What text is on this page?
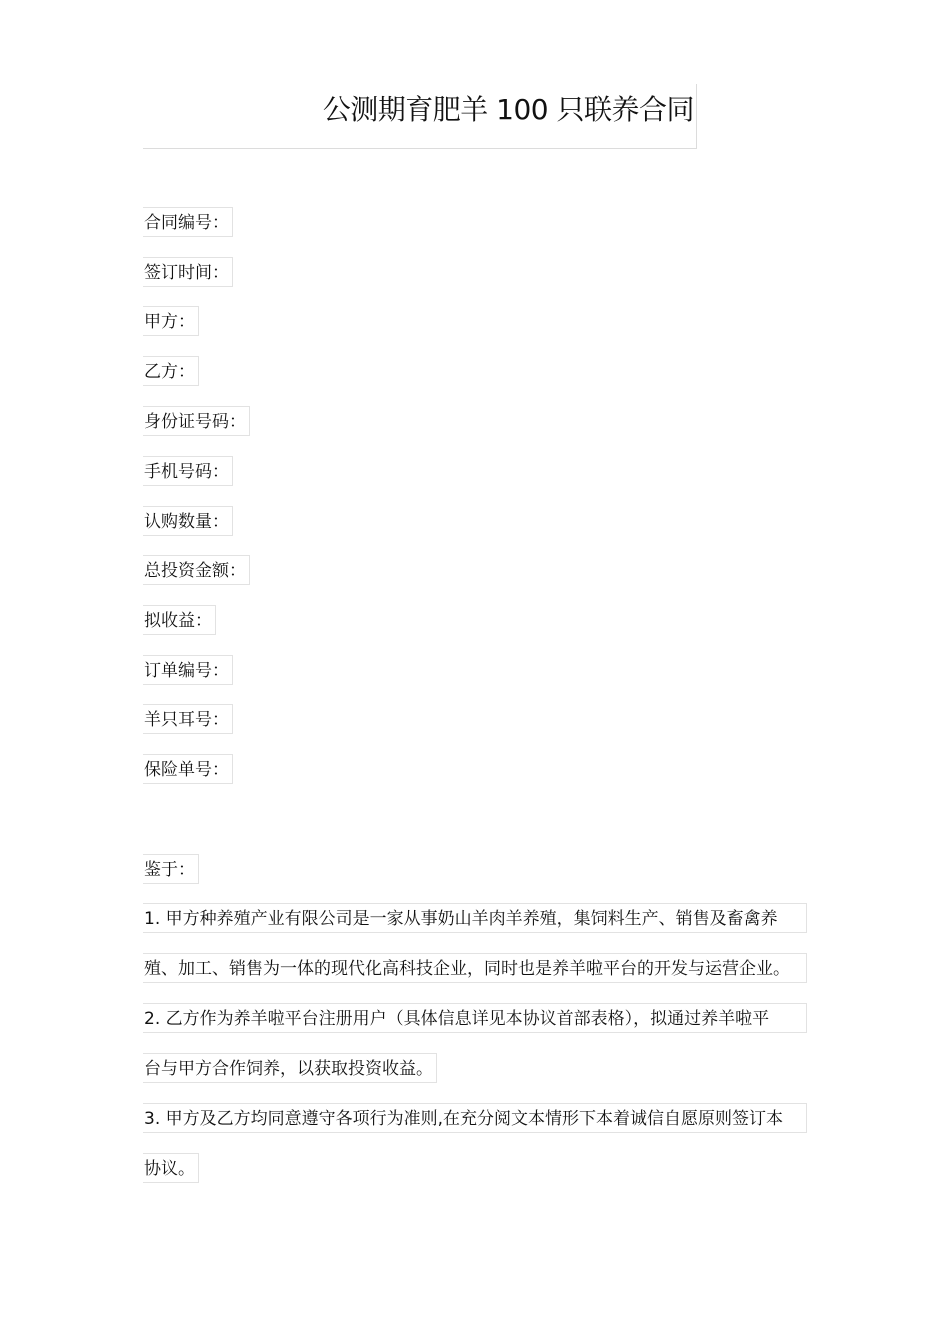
公测期育肥羊 100 只联养合同
合同编号：
签订时间：
甲方：
乙方：
身份证号码：
手机号码：
认购数量：
总投资金额：
拟收益：
订单编号：
羊只耳号：
保险单号：
鉴于：
1. 甲方种养殖产业有限公司是一家从事奶山羊肉羊养殖，集饲料生产、销售及畜禽养
殖、加工、销售为一体的现代化高科技企业，同时也是养羊啦平台的开发与运营企业。
2. 乙方作为养羊啦平台注册用户（具体信息详见本协议首部表格），拟通过养羊啦平
台与甲方合作饲养，以获取投资收益。
3. 甲方及乙方均同意遵守各项行为准则,在充分阅文本情形下本着诚信自愿原则签订本
协议。
